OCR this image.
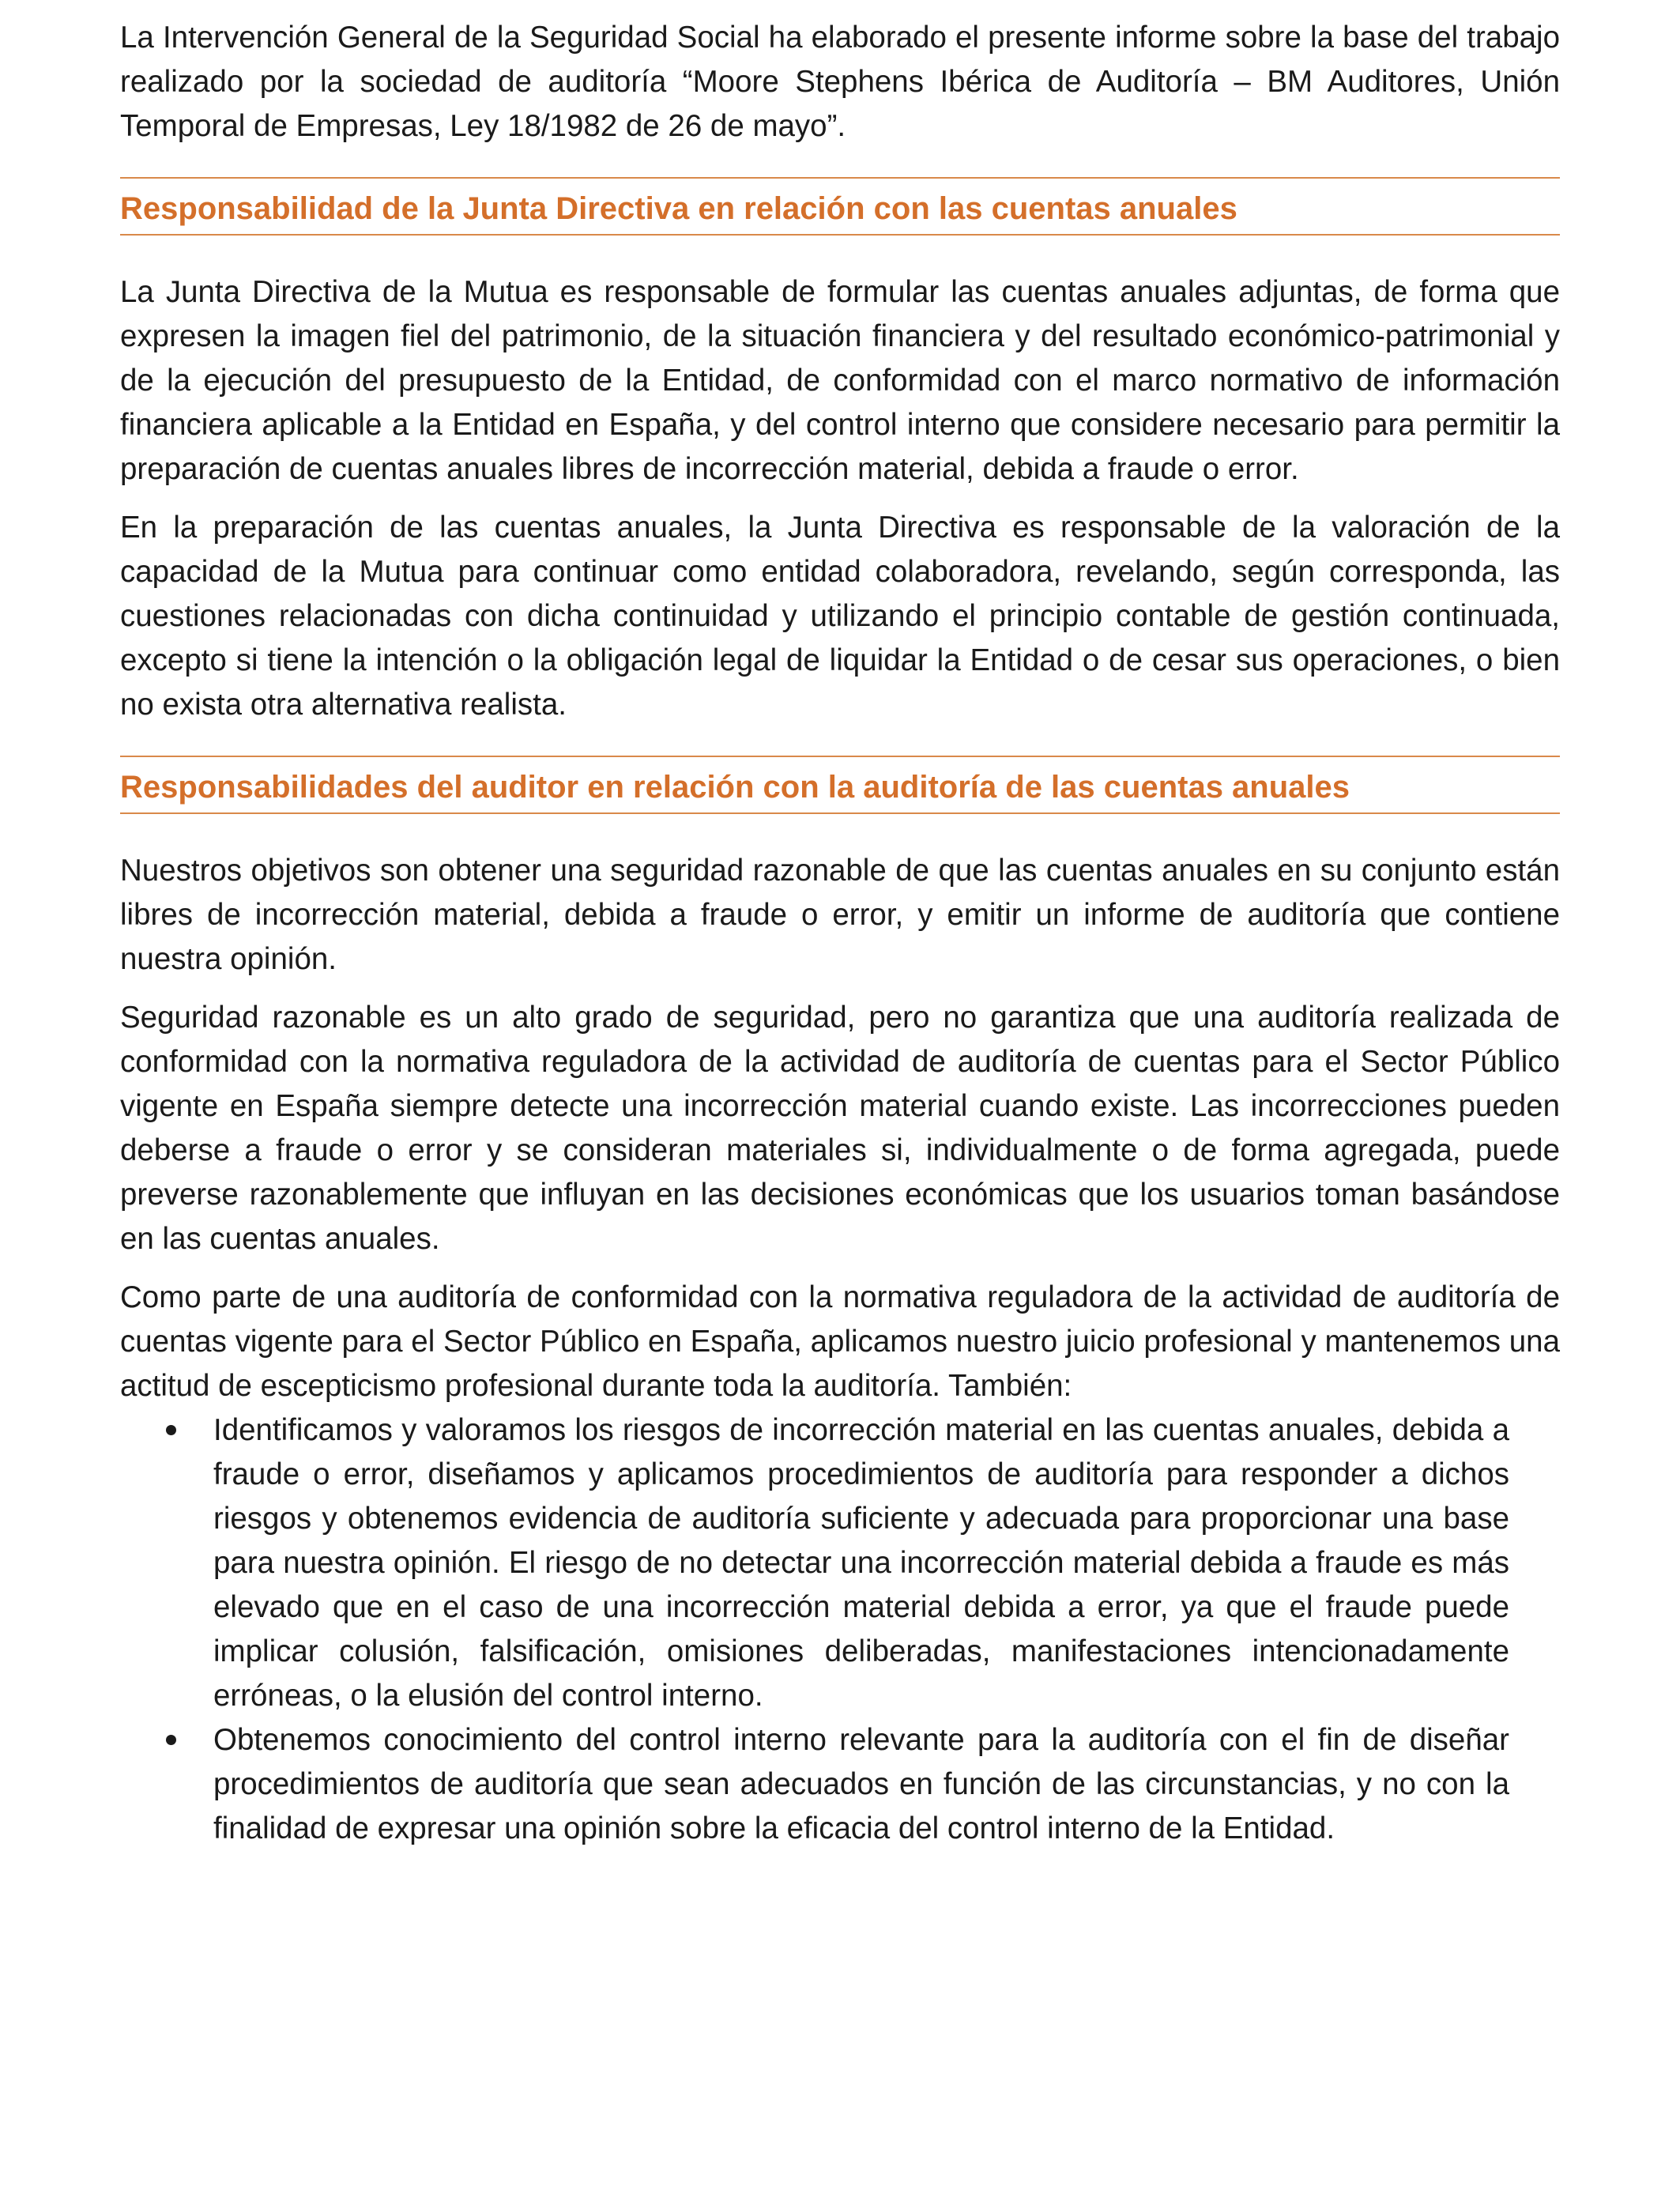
La Intervención General de la Seguridad Social ha elaborado el presente informe sobre la base del trabajo realizado por la sociedad de auditoría “Moore Stephens Ibérica de Auditoría – BM Auditores, Unión Temporal de Empresas, Ley 18/1982 de 26 de mayo”.

Responsabilidad de la Junta Directiva en relación con las cuentas anuales

La Junta Directiva de la Mutua es responsable de formular las cuentas anuales adjuntas, de forma que expresen la imagen fiel del patrimonio, de la situación financiera y del resultado económico-patrimonial y de la ejecución del presupuesto de la Entidad, de conformidad con el marco normativo de información financiera aplicable a la Entidad en España, y del control interno que considere necesario para permitir la preparación de cuentas anuales libres de incorrección material, debida a fraude o error.

En la preparación de las cuentas anuales, la Junta Directiva es responsable de la valoración de la capacidad de la Mutua para continuar como entidad colaboradora, revelando, según corresponda, las cuestiones relacionadas con dicha continuidad y utilizando el principio contable de gestión continuada, excepto si tiene la intención o la obligación legal de liquidar la Entidad o de cesar sus operaciones, o bien no exista otra alternativa realista.

Responsabilidades del auditor en relación con la auditoría de las cuentas anuales

Nuestros objetivos son obtener una seguridad razonable de que las cuentas anuales en su conjunto están libres de incorrección material, debida a fraude o error, y emitir un informe de auditoría que contiene nuestra opinión.

Seguridad razonable es un alto grado de seguridad, pero no garantiza que una auditoría realizada de conformidad con la normativa reguladora de la actividad de auditoría de cuentas para el Sector Público vigente en España siempre detecte una incorrección material cuando existe. Las incorrecciones pueden deberse a fraude o error y se consideran materiales si, individualmente o de forma agregada, puede preverse razonablemente que influyan en las decisiones económicas que los usuarios toman basándose en las cuentas anuales.

Como parte de una auditoría de conformidad con la normativa reguladora de la actividad de auditoría de cuentas vigente para el Sector Público en España, aplicamos nuestro juicio profesional y mantenemos una actitud de escepticismo profesional durante toda la auditoría. También:

Identificamos y valoramos los riesgos de incorrección material en las cuentas anuales, debida a fraude o error, diseñamos y aplicamos procedimientos de auditoría para responder a dichos riesgos y obtenemos evidencia de auditoría suficiente y adecuada para proporcionar una base para nuestra opinión. El riesgo de no detectar una incorrección material debida a fraude es más elevado que en el caso de una incorrección material debida a error, ya que el fraude puede implicar colusión, falsificación, omisiones deliberadas, manifestaciones intencionadamente erróneas, o la elusión del control interno.
Obtenemos conocimiento del control interno relevante para la auditoría con el fin de diseñar procedimientos de auditoría que sean adecuados en función de las circunstancias, y no con la finalidad de expresar una opinión sobre la eficacia del control interno de la Entidad.
